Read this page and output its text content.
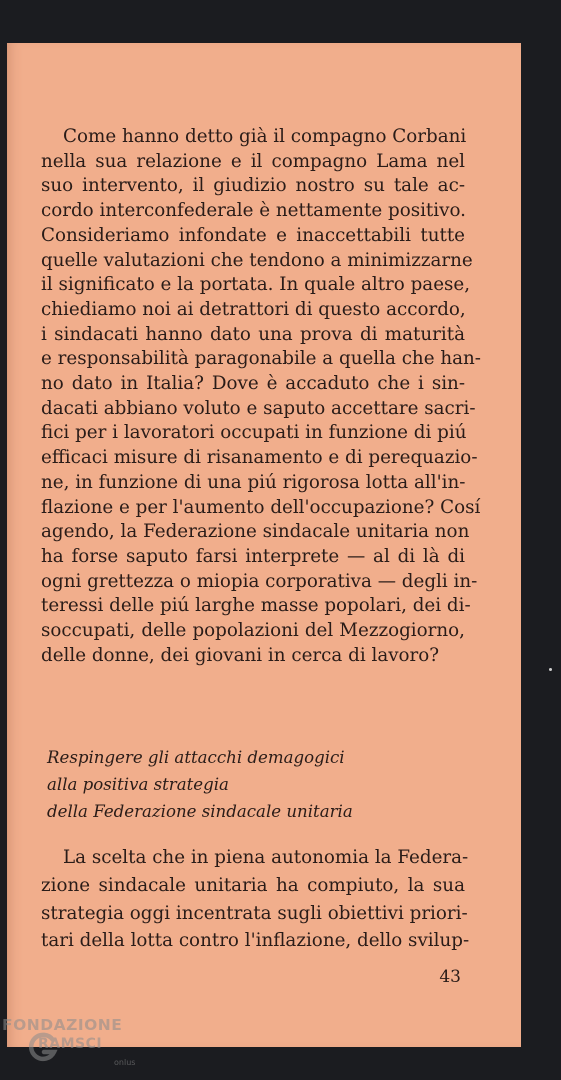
Come hanno detto già il compagno Corbani
nella sua relazione e il compagno Lama nel
suo intervento, il giudizio nostro su tale ac-
cordo interconfederale è nettamente positivo.
Consideriamo infondate e inaccettabili tutte
quelle valutazioni che tendono a minimizzarne
il significato e la portata. In quale altro paese,
chiediamo noi ai detrattori di questo accordo,
i sindacati hanno dato una prova di maturità
e responsabilità paragonabile a quella che han-
no dato in Italia? Dove è accaduto che i sin-
dacati abbiano voluto e saputo accettare sacri-
fici per i lavoratori occupati in funzione di piú
efficaci misure di risanamento e di perequazio-
ne, in funzione di una piú rigorosa lotta all'in-
flazione e per l'aumento dell'occupazione? Cosí
agendo, la Federazione sindacale unitaria non
ha forse saputo farsi interprete — al di là di
ogni grettezza o miopia corporativa — degli in-
teressi delle piú larghe masse popolari, dei di-
soccupati, delle popolazioni del Mezzogiorno,
delle donne, dei giovani in cerca di lavoro?

Respingere gli attacchi demagogici
alla positiva strategia
della Federazione sindacale unitaria

La scelta che in piena autonomia la Federa-
zione sindacale unitaria ha compiuto, la sua
strategia oggi incentrata sugli obiettivi priori-
tari della lotta contro l'inflazione, dello svilup-

43
FONDAZIONE
RAMSCI
onlus
